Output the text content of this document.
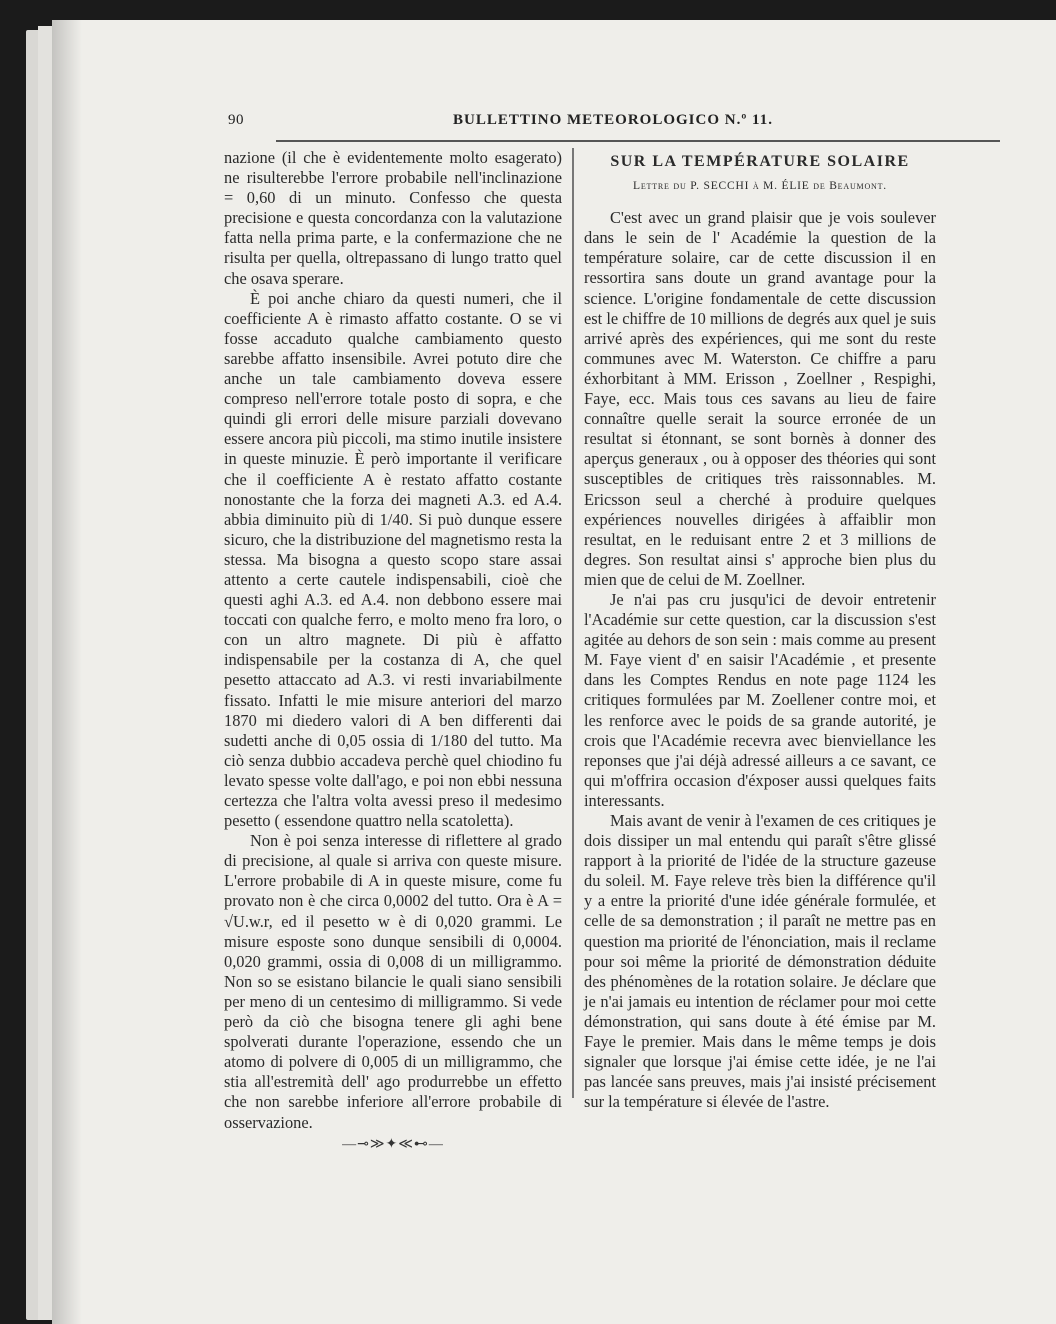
90	BULLETTINO METEOROLOGICO N.º 11.

nazione (il che è evidentemente molto esagerato) ne risulterebbe l'errore probabile nell'inclinazione = 0,60 di un minuto. Confesso che questa precisione e questa concordanza con la valutazione fatta nella prima parte, e la confermazione che ne risulta per quella, oltrepassano di lungo tratto quel che osava sperare.

È poi anche chiaro da questi numeri, che il coefficiente A è rimasto affatto costante. O se vi fosse accaduto qualche cambiamento questo sarebbe affatto insensibile. Avrei potuto dire che anche un tale cambiamento doveva essere compreso nell'errore totale posto di sopra, e che quindi gli errori delle misure parziali dovevano essere ancora più piccoli, ma stimo inutile insistere in queste minuzie. È però importante il verificare che il coefficiente A è restato affatto costante nonostante che la forza dei magneti A.3. ed A.4. abbia diminuito più di 1/40. Si può dunque essere sicuro, che la distribuzione del magnetismo resta la stessa. Ma bisogna a questo scopo stare assai attento a certe cautele indispensabili, cioè che questi aghi A.3. ed A.4. non debbono essere mai toccati con qualche ferro, e molto meno fra loro, o con un altro magnete. Di più è affatto indispensabile per la costanza di A, che quel pesetto attaccato ad A.3. vi resti invariabilmente fissato. Infatti le mie misure anteriori del marzo 1870 mi diedero valori di A ben differenti dai sudetti anche di 0,05 ossia di 1/180 del tutto. Ma ciò senza dubbio accadeva perchè quel chiodino fu levato spesse volte dall'ago, e poi non ebbi nessuna certezza che l'altra volta avessi preso il medesimo pesetto ( essendone quattro nella scatoletta).

Non è poi senza interesse di riflettere al grado di precisione, al quale si arriva con queste misure. L'errore probabile di A in queste misure, come fu provato non è che circa 0,0002 del tutto. Ora è A = √U.w.r, ed il pesetto w è di 0,020 grammi. Le misure esposte sono dunque sensibili di 0,0004. 0,020 grammi, ossia di 0,008 di un milligrammo. Non so se esistano bilancie le quali siano sensibili per meno di un centesimo di milligrammo. Si vede però da ciò che bisogna tenere gli aghi bene spolverati durante l'operazione, essendo che un atomo di polvere di 0,005 di un milligrammo, che stia all'estremità dell' ago produrrebbe un effetto che non sarebbe inferiore all'errore probabile di osservazione.

—⊸≫✦≪⊷—
SUR LA TEMPÉRATURE SOLAIRE
Lettre du P. SECCHI à M. ÉLIE de Beaumont.

C'est avec un grand plaisir que je vois soulever dans le sein de l' Académie la question de la température solaire, car de cette discussion il en ressortira sans doute un grand avantage pour la science. L'origine fondamentale de cette discussion est le chiffre de 10 millions de degrés aux quel je suis arrivé après des expériences, qui me sont du reste communes avec M. Waterston. Ce chiffre a paru éxhorbitant à MM. Erisson , Zoellner , Respighi, Faye, ecc. Mais tous ces savans au lieu de faire connaître quelle serait la source erronée de un resultat si étonnant, se sont bornès à donner des aperçus generaux , ou à opposer des théories qui sont susceptibles de critiques très raissonnables. M. Ericsson seul a cherché à produire quelques expériences nouvelles dirigées à affaiblir mon resultat, en le reduisant entre 2 et 3 millions de degres. Son resultat ainsi s' approche bien plus du mien que de celui de M. Zoellner.

Je n'ai pas cru jusqu'ici de devoir entretenir l'Académie sur cette question, car la discussion s'est agitée au dehors de son sein : mais comme au present M. Faye vient d' en saisir l'Académie , et presente dans les Comptes Rendus en note page 1124 les critiques formulées par M. Zoellener contre moi, et les renforce avec le poids de sa grande autorité, je crois que l'Académie recevra avec bienviellance les reponses que j'ai déjà adressé ailleurs a ce savant, ce qui m'offrira occasion d'éxposer aussi quelques faits interessants.

Mais avant de venir à l'examen de ces critiques je dois dissiper un mal entendu qui paraît s'être glissé rapport à la priorité de l'idée de la structure gazeuse du soleil. M. Faye releve très bien la différence qu'il y a entre la priorité d'une idée générale formulée, et celle de sa demonstration ; il paraît ne mettre pas en question ma priorité de l'énonciation, mais il reclame pour soi même la priorité de démonstration déduite des phénomènes de la rotation solaire. Je déclare que je n'ai jamais eu intention de réclamer pour moi cette démonstration, qui sans doute à été émise par M. Faye le premier. Mais dans le même temps je dois signaler que lorsque j'ai émise cette idée, je ne l'ai pas lancée sans preuves, mais j'ai insisté précisement sur la température si élevée de l'astre.
